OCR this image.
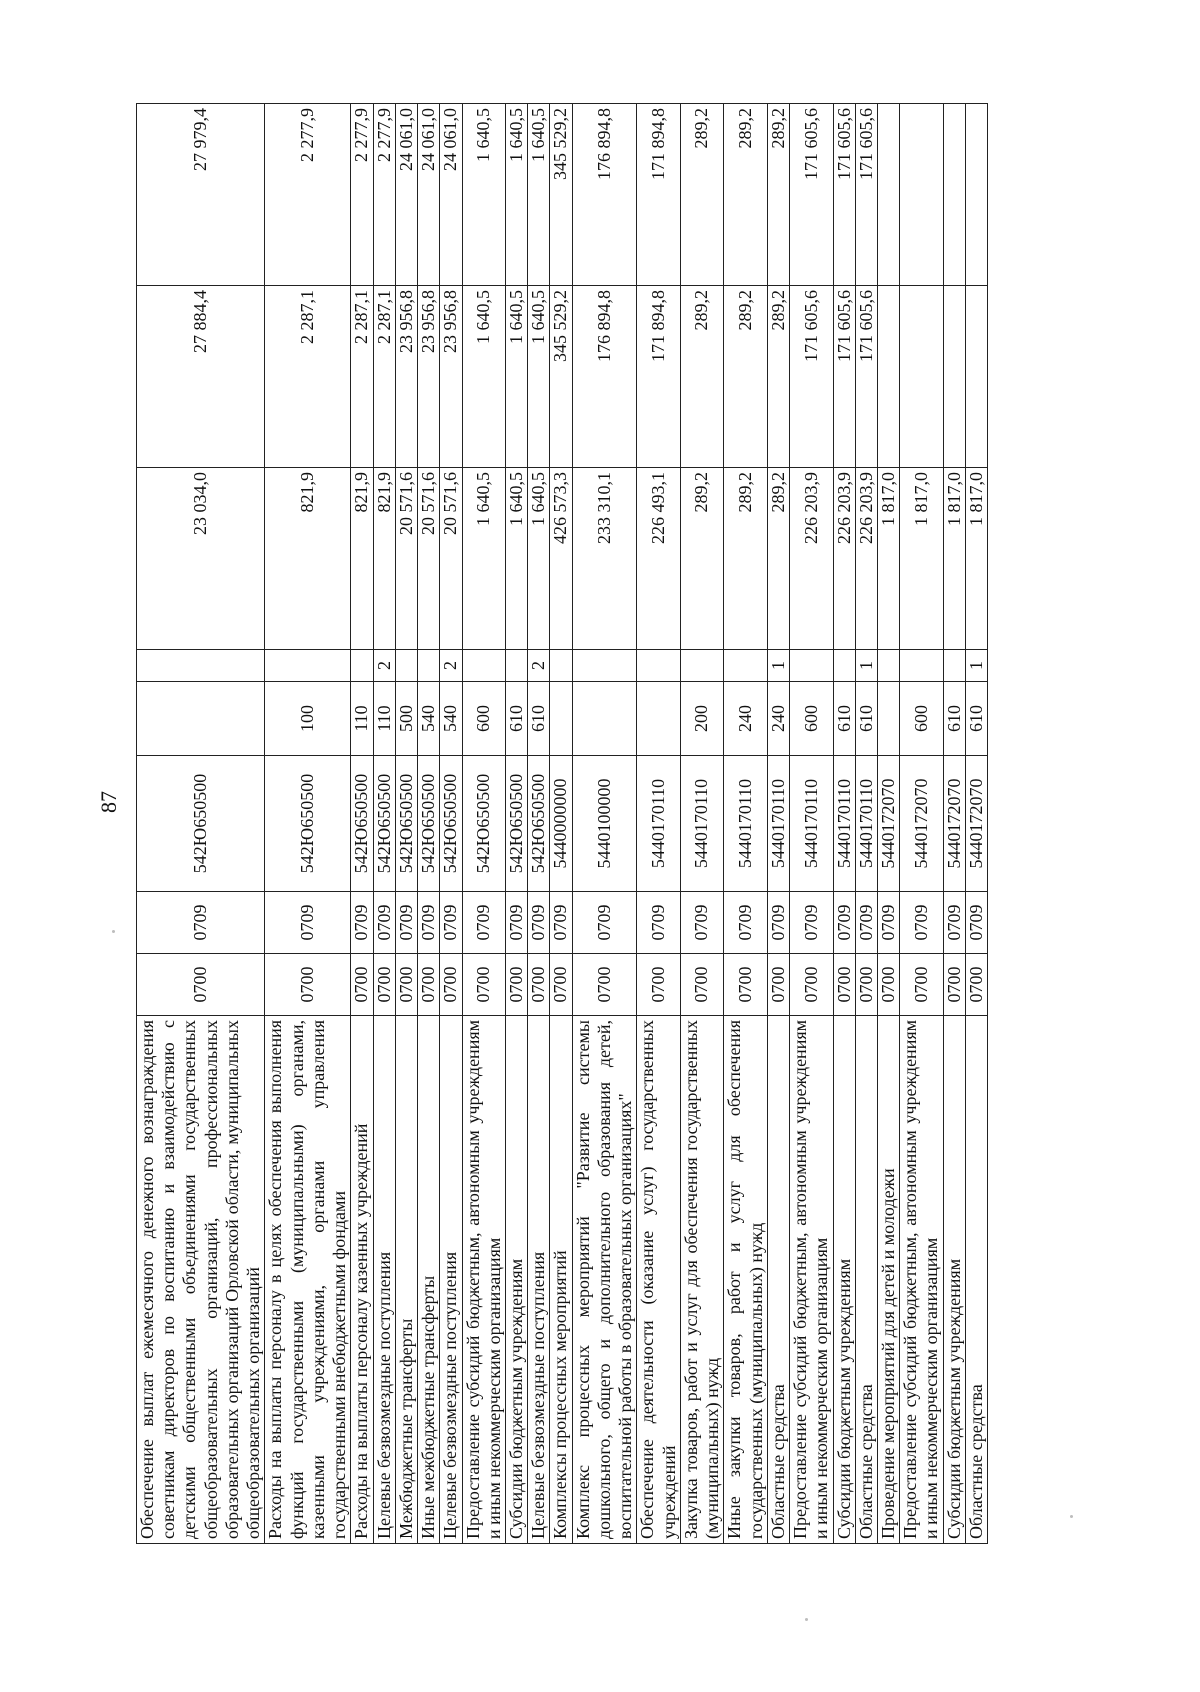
87
Обеспечение выплат ежемесячного денежного вознаграждения советникам директоров по воспитанию и взаимодействию с детскими общественными объединениями государственных общеобразовательных организаций, профессиональных образовательных организаций Орловской области, муниципальных общеобразовательных организаций	0700	0709	542Ю650500			23 034,0	27 884,4	27 979,4
Расходы на выплаты персоналу в целях обеспечения выполнения функций государственными (муниципальными) органами, казенными учреждениями, органами управления государственными внебюджетными фондами	0700	0709	542Ю650500	100		821,9	2 287,1	2 277,9
Расходы на выплаты персоналу казенных учреждений	0700	0709	542Ю650500	110		821,9	2 287,1	2 277,9
Целевые безвозмездные поступления	0700	0709	542Ю650500	110	2	821,9	2 287,1	2 277,9
Межбюджетные трансферты	0700	0709	542Ю650500	500		20 571,6	23 956,8	24 061,0
Иные межбюджетные трансферты	0700	0709	542Ю650500	540		20 571,6	23 956,8	24 061,0
Целевые безвозмездные поступления	0700	0709	542Ю650500	540	2	20 571,6	23 956,8	24 061,0
Предоставление субсидий бюджетным, автономным учреждениям и иным некоммерческим организациям	0700	0709	542Ю650500	600		1 640,5	1 640,5	1 640,5
Субсидии бюджетным учреждениям	0700	0709	542Ю650500	610		1 640,5	1 640,5	1 640,5
Целевые безвозмездные поступления	0700	0709	542Ю650500	610	2	1 640,5	1 640,5	1 640,5
Комплексы процессных мероприятий	0700	0709	5440000000			426 573,3	345 529,2	345 529,2
Комплекс процессных мероприятий "Развитие системы дошкольного, общего и дополнительного образования детей, воспитательной работы в образовательных организациях"	0700	0709	5440100000			233 310,1	176 894,8	176 894,8
Обеспечение деятельности (оказание услуг) государственных учреждений	0700	0709	5440170110			226 493,1	171 894,8	171 894,8
Закупка товаров, работ и услуг для обеспечения государственных (муниципальных) нужд	0700	0709	5440170110	200		289,2	289,2	289,2
Иные закупки товаров, работ и услуг для обеспечения государственных (муниципальных) нужд	0700	0709	5440170110	240		289,2	289,2	289,2
Областные средства	0700	0709	5440170110	240	1	289,2	289,2	289,2
Предоставление субсидий бюджетным, автономным учреждениям и иным некоммерческим организациям	0700	0709	5440170110	600		226 203,9	171 605,6	171 605,6
Субсидии бюджетным учреждениям	0700	0709	5440170110	610		226 203,9	171 605,6	171 605,6
Областные средства	0700	0709	5440170110	610	1	226 203,9	171 605,6	171 605,6
Проведение мероприятий для детей и молодежи	0700	0709	5440172070			1 817,0		
Предоставление субсидий бюджетным, автономным учреждениям и иным некоммерческим организациям	0700	0709	5440172070	600		1 817,0		
Субсидии бюджетным учреждениям	0700	0709	5440172070	610		1 817,0		
Областные средства	0700	0709	5440172070	610	1	1 817,0		
